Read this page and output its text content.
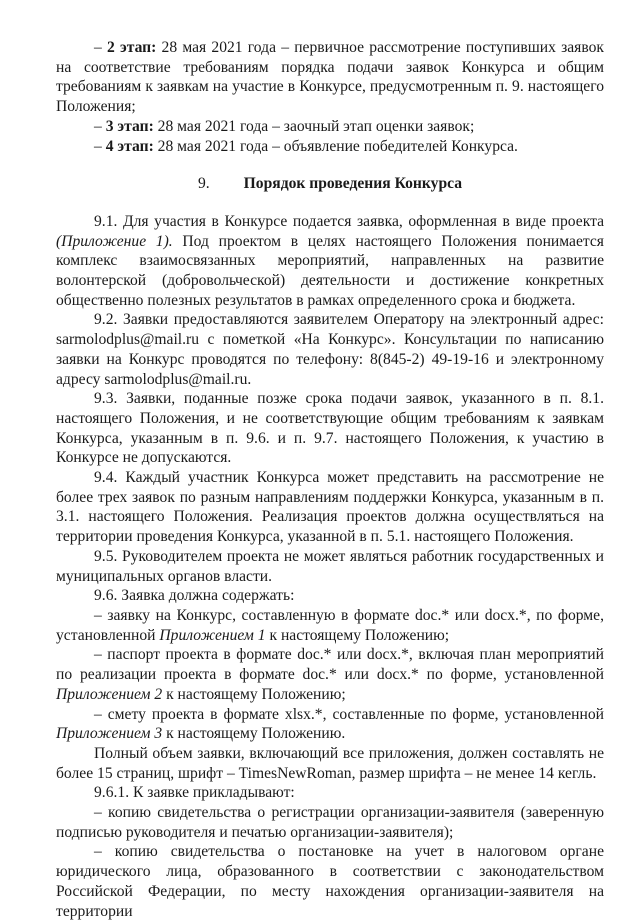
– 2 этап: 28 мая 2021 года – первичное рассмотрение поступивших заявок на соответствие требованиям порядка подачи заявок Конкурса и общим требованиям к заявкам на участие в Конкурсе, предусмотренным п. 9. настоящего Положения;

– 3 этап: 28 мая 2021 года – заочный этап оценки заявок;

– 4 этап: 28 мая 2021 года – объявление победителей Конкурса.

9. Порядок проведения Конкурса

9.1. Для участия в Конкурсе подается заявка, оформленная в виде проекта (Приложение 1). Под проектом в целях настоящего Положения понимается комплекс взаимосвязанных мероприятий, направленных на развитие волонтерской (добровольческой) деятельности и достижение конкретных общественно полезных результатов в рамках определенного срока и бюджета.

9.2. Заявки предоставляются заявителем Оператору на электронный адрес: sarmolodplus@mail.ru с пометкой «На Конкурс». Консультации по написанию заявки на Конкурс проводятся по телефону: 8(845-2) 49-19-16 и электронному адресу sarmolodplus@mail.ru.

9.3. Заявки, поданные позже срока подачи заявок, указанного в п. 8.1. настоящего Положения, и не соответствующие общим требованиям к заявкам Конкурса, указанным в п. 9.6. и п. 9.7. настоящего Положения, к участию в Конкурсе не допускаются.

9.4. Каждый участник Конкурса может представить на рассмотрение не более трех заявок по разным направлениям поддержки Конкурса, указанным в п. 3.1. настоящего Положения. Реализация проектов должна осуществляться на территории проведения Конкурса, указанной в п. 5.1. настоящего Положения.

9.5. Руководителем проекта не может являться работник государственных и муниципальных органов власти.

9.6. Заявка должна содержать:

– заявку на Конкурс, составленную в формате doc.* или docx.*, по форме, установленной Приложением 1 к настоящему Положению;

– паспорт проекта в формате doc.* или docx.*, включая план мероприятий по реализации проекта в формате doc.* или docx.* по форме, установленной Приложением 2 к настоящему Положению;

– смету проекта в формате xlsx.*, составленные по форме, установленной Приложением 3 к настоящему Положению.

Полный объем заявки, включающий все приложения, должен составлять не более 15 страниц, шрифт – TimesNewRoman, размер шрифта – не менее 14 кегль.

9.6.1. К заявке прикладывают:

– копию свидетельства о регистрации организации-заявителя (заверенную подписью руководителя и печатью организации-заявителя);

– копию свидетельства о постановке на учет в налоговом органе юридического лица, образованного в соответствии с законодательством Российской Федерации, по месту нахождения организации-заявителя на территории
